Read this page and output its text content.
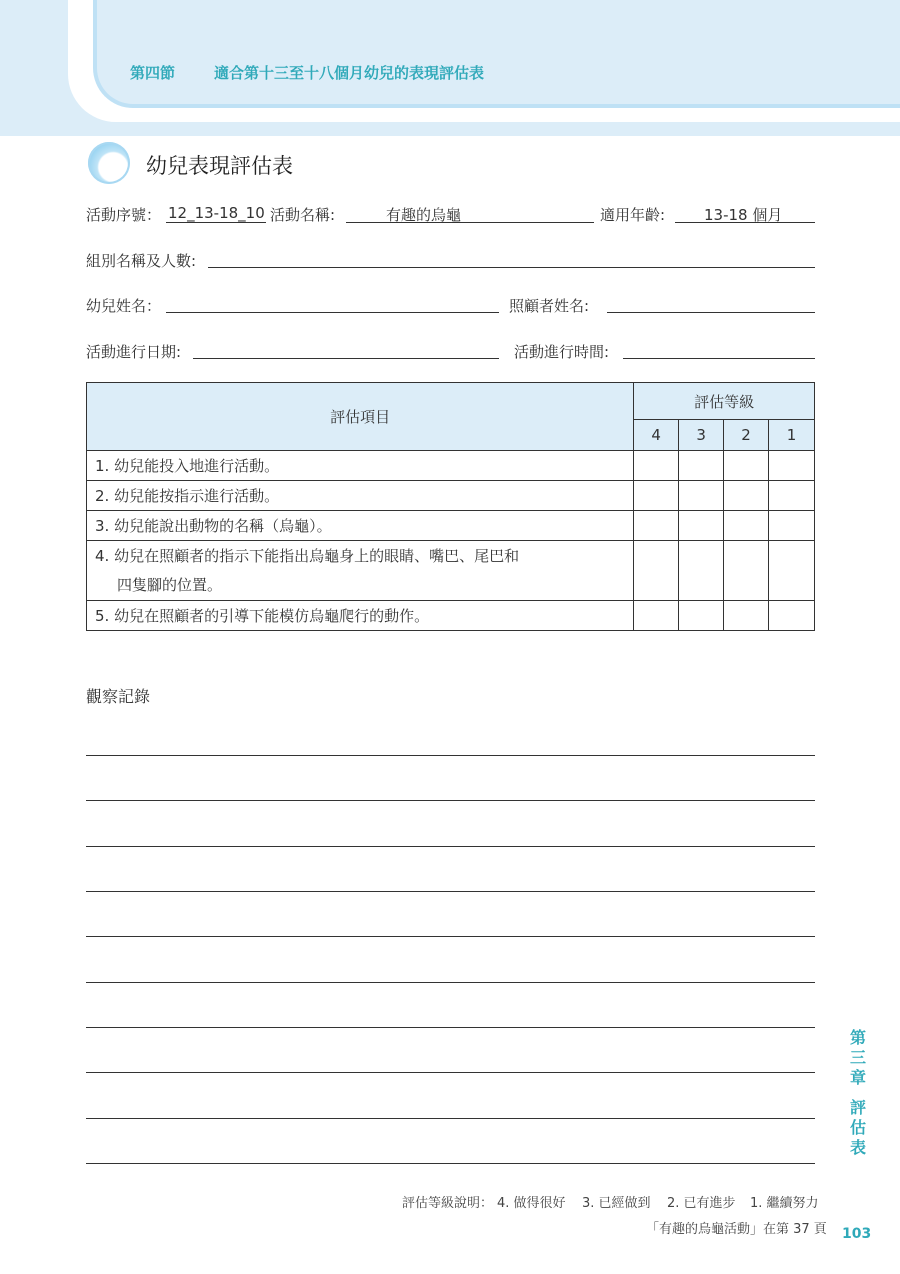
第四節	適合第十三至十八個月幼兒的表現評估表
幼兒表現評估表
活動序號： 12_13-18_10 活動名稱:	有趣的烏龜	適用年齡:	13-18 個月
組別名稱及人數:
幼兒姓名：	照顧者姓名:
活動進行日期:	活動進行時間:
評估項目	評估等級			
	4	3	2	1
1. 幼兒能投入地進行活動。				
2. 幼兒能按指示進行活動。				
3. 幼兒能說出動物的名稱（烏龜）。				

4. 幼兒在照顧者的指示下能指出烏龜身上的眼睛、嘴巴、尾巴和
四隻腳的位置。				

5. 幼兒在照顧者的引導下能模仿烏龜爬行的動作。				
觀察記錄
第三章
評估表
評估等級說明： 4. 做得很好 3. 已經做到 2. 已有進步 1. 繼續努力
「有趣的烏龜活動」在第 37 頁 103
